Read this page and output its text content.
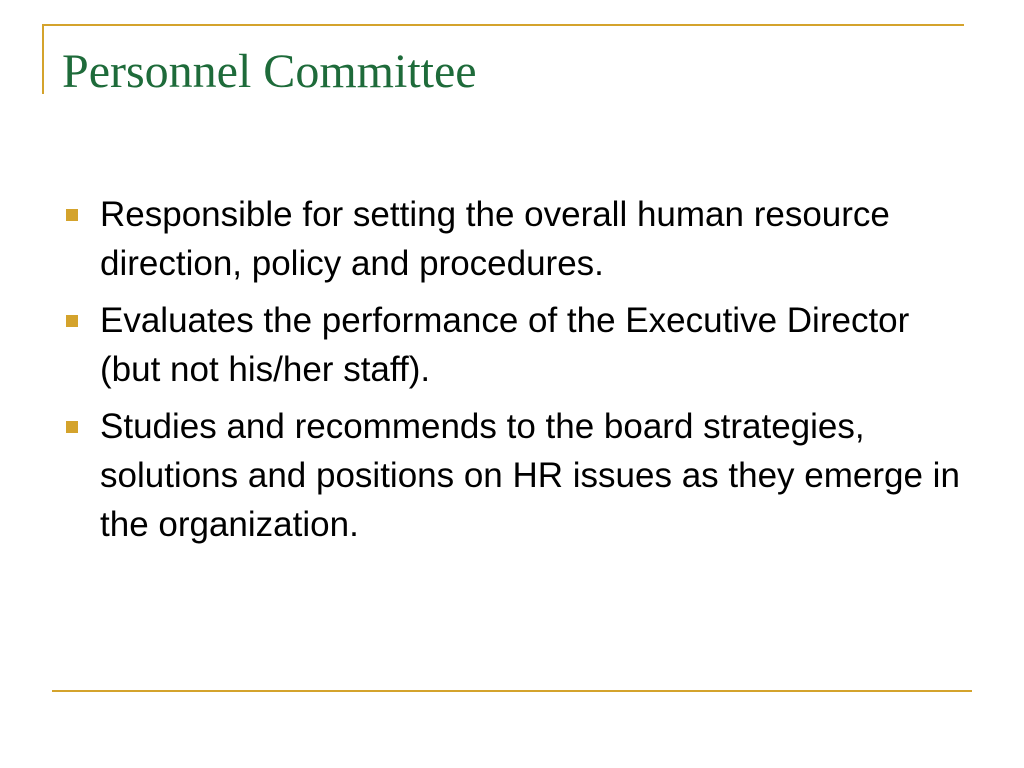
Personnel Committee
Responsible for setting the overall human resource direction, policy and procedures.
Evaluates the performance of the Executive Director (but not his/her staff).
Studies and recommends to the board strategies, solutions and positions on HR issues as they emerge in the organization.
